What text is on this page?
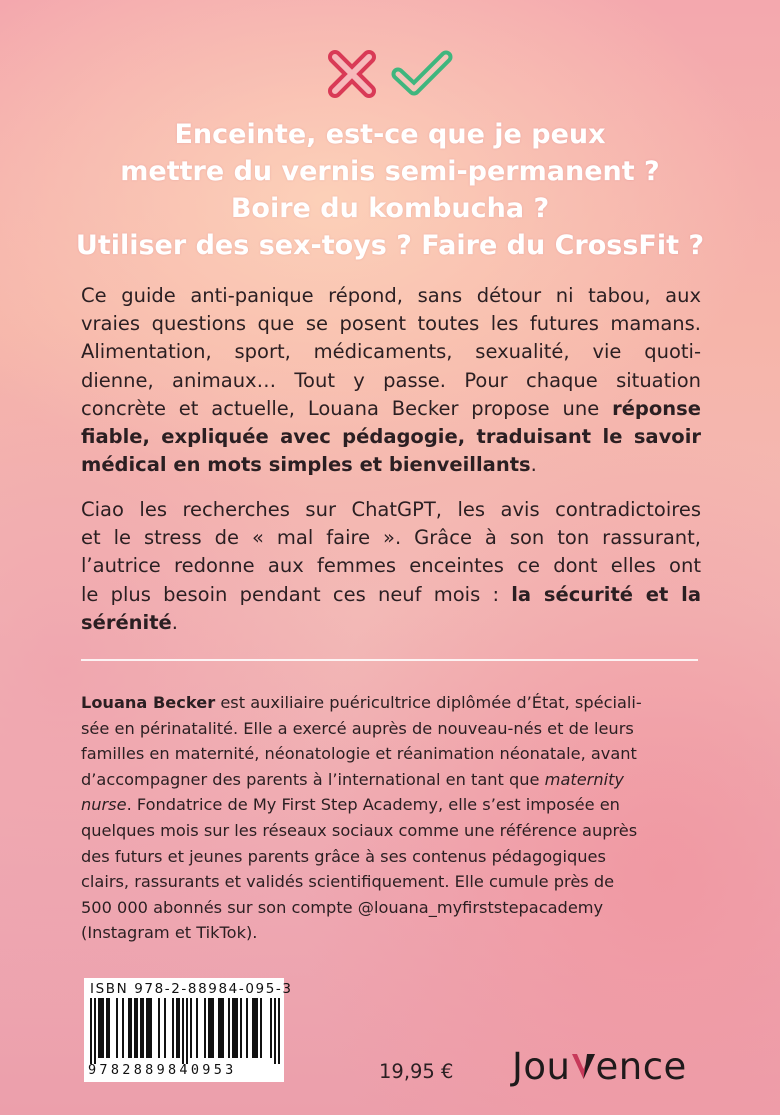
Enceinte, est-ce que je peux
mettre du vernis semi-permanent ?
Boire du kombucha ?
Utiliser des sex-toys ? Faire du CrossFit ?
Ce guide anti-panique répond, sans détour ni tabou, aux
vraies questions que se posent toutes les futures mamans.
Alimentation, sport, médicaments, sexualité, vie quoti-
dienne, animaux… Tout y passe. Pour chaque situation
concrète et actuelle, Louana Becker propose une réponse
fiable, expliquée avec pédagogie, traduisant le savoir
médical en mots simples et bienveillants.
Ciao les recherches sur ChatGPT, les avis contradictoires
et le stress de « mal faire ». Grâce à son ton rassurant,
l’autrice redonne aux femmes enceintes ce dont elles ont
le plus besoin pendant ces neuf mois : la sécurité et la
sérénité.
Louana Becker est auxiliaire puéricultrice diplômée d’État, spéciali-
sée en périnatalité. Elle a exercé auprès de nouveau-nés et de leurs
familles en maternité, néonatologie et réanimation néonatale, avant
d’accompagner des parents à l’international en tant que maternity
nurse. Fondatrice de My First Step Academy, elle s’est imposée en
quelques mois sur les réseaux sociaux comme une référence auprès
des futurs et jeunes parents grâce à ses contenus pédagogiques
clairs, rassurants et validés scientifiquement. Elle cumule près de
500 000 abonnés sur son compte @louana_myfirststepacademy
(Instagram et TikTok).
ISBN 978-2-88984-095-3
9782889840953	19,95 € Jou ence
